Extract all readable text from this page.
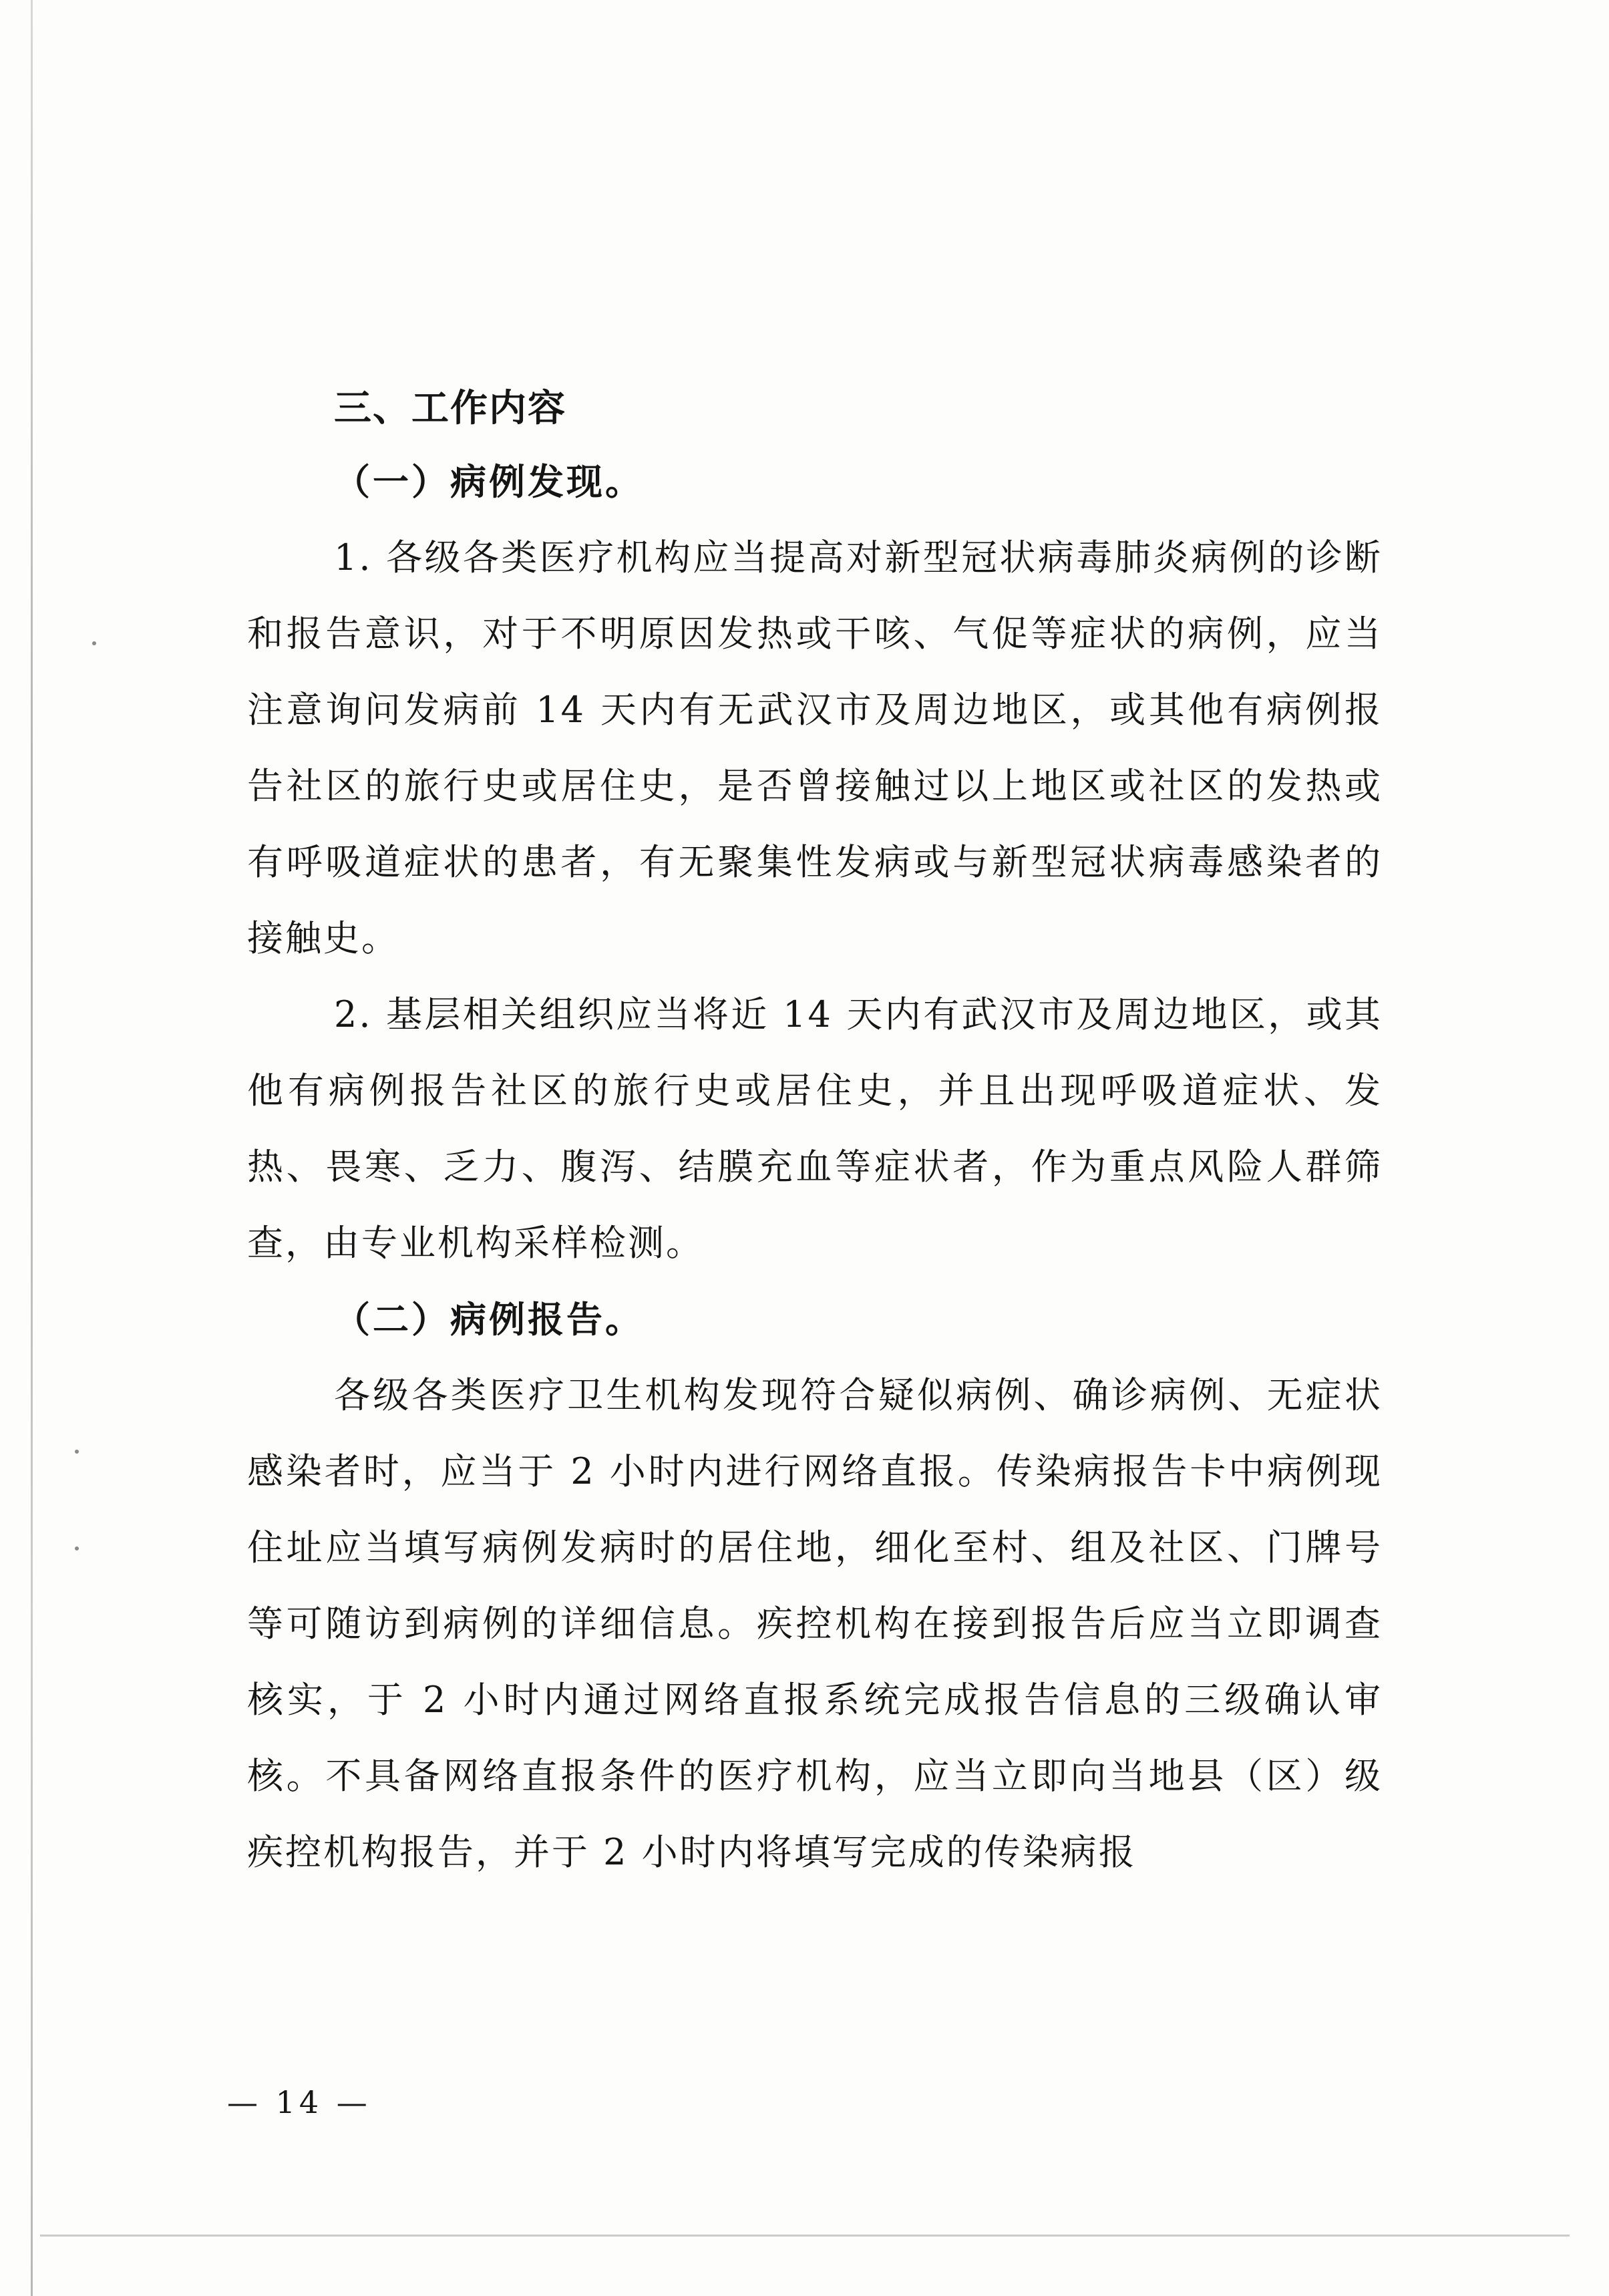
三、工作内容
（一）病例发现。

1. 各级各类医疗机构应当提高对新型冠状病毒肺炎病例的诊断和报告意识，对于不明原因发热或干咳、气促等症状的病例，应当注意询问发病前 14 天内有无武汉市及周边地区，或其他有病例报告社区的旅行史或居住史，是否曾接触过以上地区或社区的发热或有呼吸道症状的患者，有无聚集性发病或与新型冠状病毒感染者的接触史。

2. 基层相关组织应当将近 14 天内有武汉市及周边地区，或其他有病例报告社区的旅行史或居住史，并且出现呼吸道症状、发热、畏寒、乏力、腹泻、结膜充血等症状者，作为重点风险人群筛查，由专业机构采样检测。

（二）病例报告。

各级各类医疗卫生机构发现符合疑似病例、确诊病例、无症状感染者时，应当于 2 小时内进行网络直报。传染病报告卡中病例现住址应当填写病例发病时的居住地，细化至村、组及社区、门牌号等可随访到病例的详细信息。疾控机构在接到报告后应当立即调查核实，于 2 小时内通过网络直报系统完成报告信息的三级确认审核。不具备网络直报条件的医疗机构，应当立即向当地县（区）级疾控机构报告，并于 2 小时内将填写完成的传染病报

— 14 —
